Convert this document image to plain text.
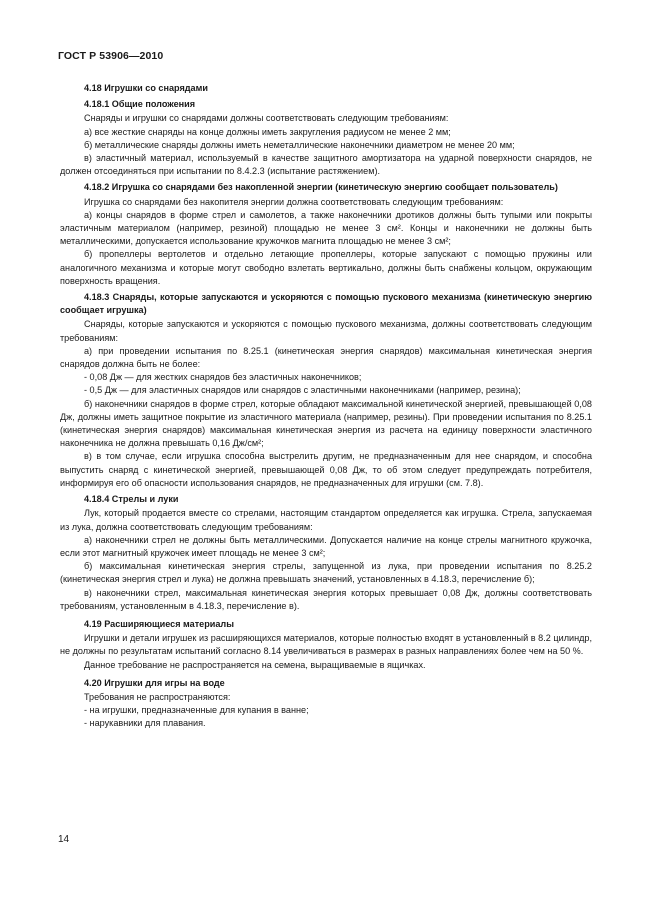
ГОСТ Р 53906—2010

4.18 Игрушки со снарядами

4.18.1 Общие положения

Снаряды и игрушки со снарядами должны соответствовать следующим требованиям:

а) все жесткие снаряды на конце должны иметь закругления радиусом не менее 2 мм;

б) металлические снаряды должны иметь неметаллические наконечники диаметром не менее 20 мм;

в) эластичный материал, используемый в качестве защитного амортизатора на ударной поверхности снарядов, не должен отсоединяться при испытании по 8.4.2.3 (испытание растяжением).

4.18.2 Игрушка со снарядами без накопленной энергии (кинетическую энергию сообщает пользователь)

Игрушка со снарядами без накопителя энергии должна соответствовать следующим требованиям:

а) концы снарядов в форме стрел и самолетов, а также наконечники дротиков должны быть тупыми или покрыты эластичным материалом (например, резиной) площадью не менее 3 см². Концы и наконечники не должны быть металлическими, допускается использование кружочков магнита площадью не менее 3 см²;

б) пропеллеры вертолетов и отдельно летающие пропеллеры, которые запускают с помощью пружины или аналогичного механизма и которые могут свободно взлетать вертикально, должны быть снабжены кольцом, окружающим поверхность вращения.

4.18.3 Снаряды, которые запускаются и ускоряются с помощью пускового механизма (кинетическую энергию сообщает игрушка)

Снаряды, которые запускаются и ускоряются с помощью пускового механизма, должны соответствовать следующим требованиям:

а) при проведении испытания по 8.25.1 (кинетическая энергия снарядов) максимальная кинетическая энергия снарядов должна быть не более:

- 0,08 Дж — для жестких снарядов без эластичных наконечников;

- 0,5 Дж — для эластичных снарядов или снарядов с эластичными наконечниками (например, резина);

б) наконечники снарядов в форме стрел, которые обладают максимальной кинетической энергией, превышающей 0,08 Дж, должны иметь защитное покрытие из эластичного материала (например, резины). При проведении испытания по 8.25.1 (кинетическая энергия снарядов) максимальная кинетическая энергия из расчета на единицу поверхности эластичного наконечника не должна превышать 0,16 Дж/см²;

в) в том случае, если игрушка способна выстрелить другим, не предназначенным для нее снарядом, и способна выпустить снаряд с кинетической энергией, превышающей 0,08 Дж, то об этом следует предупреждать потребителя, информируя его об опасности использования снарядов, не предназначенных для игрушки (см. 7.8).

4.18.4 Стрелы и луки

Лук, который продается вместе со стрелами, настоящим стандартом определяется как игрушка. Стрела, запускаемая из лука, должна соответствовать следующим требованиям:

а) наконечники стрел не должны быть металлическими. Допускается наличие на конце стрелы магнитного кружочка, если этот магнитный кружочек имеет площадь не менее 3 см²;

б) максимальная кинетическая энергия стрелы, запущенной из лука, при проведении испытания по 8.25.2 (кинетическая энергия стрел и лука) не должна превышать значений, установленных в 4.18.3, перечисление б);

в) наконечники стрел, максимальная кинетическая энергия которых превышает 0,08 Дж, должны соответствовать требованиям, установленным в 4.18.3, перечисление в).

4.19 Расширяющиеся материалы

Игрушки и детали игрушек из расширяющихся материалов, которые полностью входят в установленный в 8.2 цилиндр, не должны по результатам испытаний согласно 8.14 увеличиваться в размерах в разных направлениях более чем на 50 %.

Данное требование не распространяется на семена, выращиваемые в ящичках.

4.20 Игрушки для игры на воде

Требования не распространяются:

- на игрушки, предназначенные для купания в ванне;

- нарукавники для плавания.

14
